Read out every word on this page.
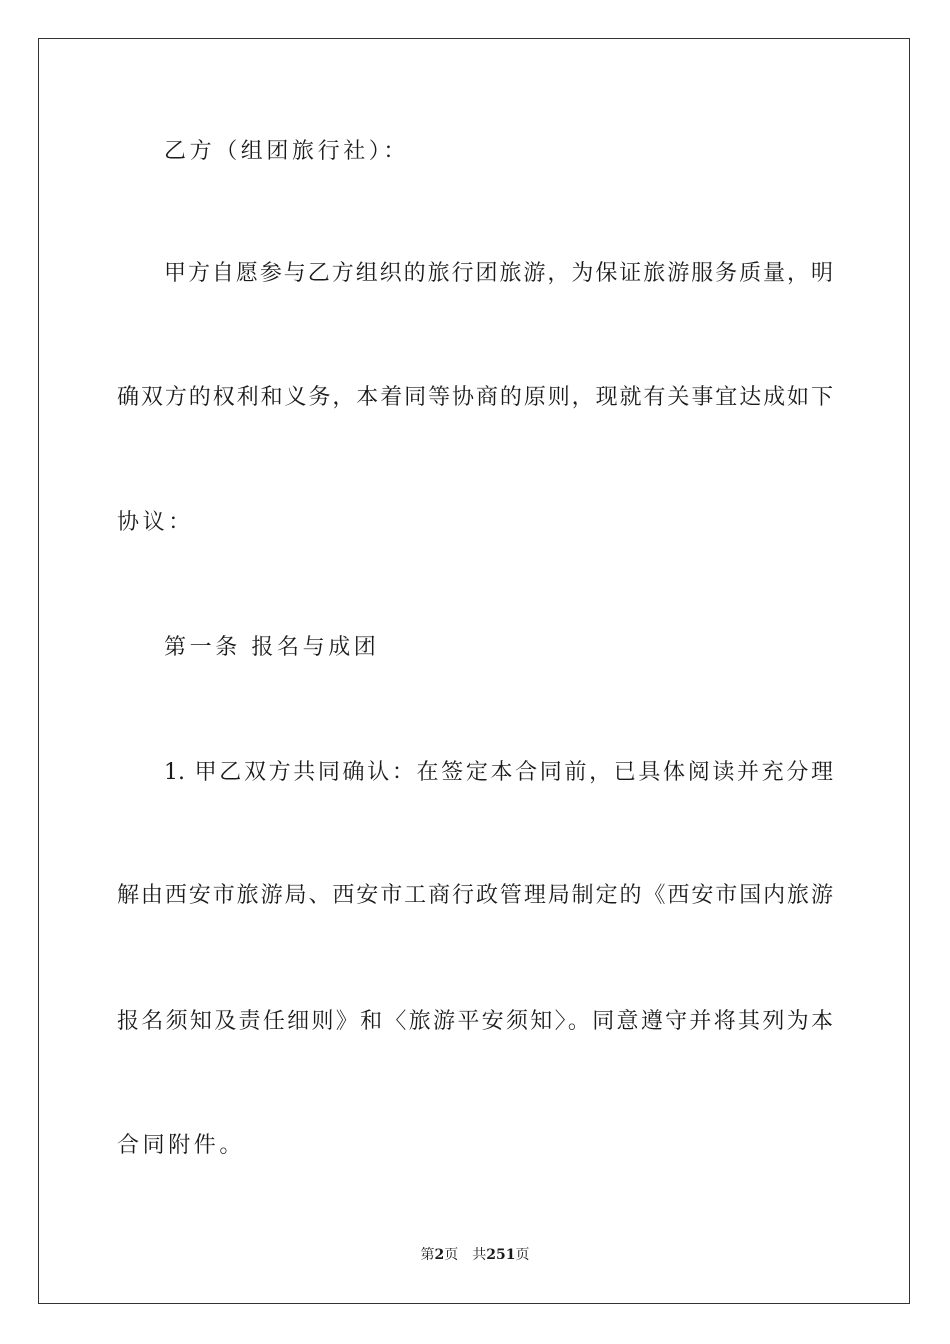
乙方（组团旅行社）：
甲方自愿参与乙方组织的旅行团旅游，为保证旅游服务质量，明
确双方的权利和义务，本着同等协商的原则，现就有关事宜达成如下
协议：
第一条 报名与成团
1. 甲乙双方共同确认：在签定本合同前，已具体阅读并充分理
解由西安市旅游局、西安市工商行政管理局制定的《西安市国内旅游
报名须知及责任细则》和〈旅游平安须知〉。同意遵守并将其列为本
合同附件。
第2页 共251页
